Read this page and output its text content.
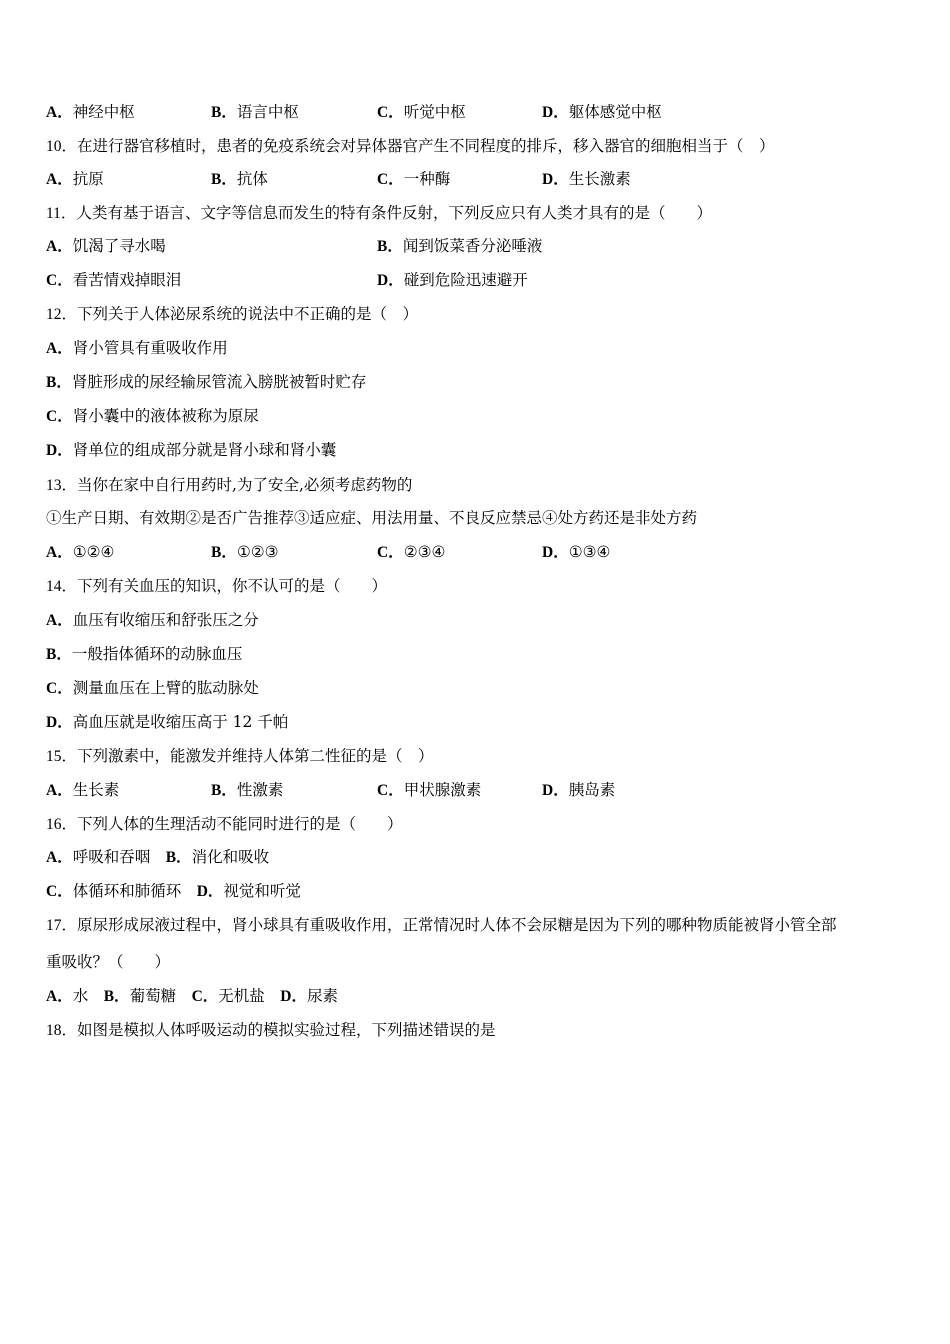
A．神经中枢	B．语言中枢	C．听觉中枢	D．躯体感觉中枢
10．在进行器官移植时，患者的免疫系统会对异体器官产生不同程度的排斥，移入器官的细胞相当于（　）
A．抗原	B．抗体	C．一种酶	D．生长激素
11．人类有基于语言、文字等信息而发生的特有条件反射，下列反应只有人类才具有的是（　　）
A．饥渴了寻水喝	B．闻到饭菜香分泌唾液
C．看苦情戏掉眼泪	D．碰到危险迅速避开
12．下列关于人体泌尿系统的说法中不正确的是（　）
A．肾小管具有重吸收作用
B．肾脏形成的尿经输尿管流入膀胱被暂时贮存
C．肾小囊中的液体被称为原尿
D．肾单位的组成部分就是肾小球和肾小囊
13．当你在家中自行用药时,为了安全,必须考虑药物的
①生产日期、有效期②是否广告推荐③适应症、用法用量、不良反应禁忌④处方药还是非处方药
A．①②④	B．①②③	C．②③④	D．①③④
14．下列有关血压的知识，你不认可的是（　　）
A．血压有收缩压和舒张压之分
B．一般指体循环的动脉血压
C．测量血压在上臂的肱动脉处
D．高血压就是收缩压高于 12 千帕
15．下列激素中，能激发并维持人体第二性征的是（　）
A．生长素	B．性激素	C．甲状腺激素	D．胰岛素
16．下列人体的生理活动不能同时进行的是（　　）
A．呼吸和吞咽　B．消化和吸收
C．体循环和肺循环　D．视觉和听觉
17．原尿形成尿液过程中，肾小球具有重吸收作用，正常情况时人体不会尿糖是因为下列的哪种物质能被肾小管全部
重吸收？（　　）
A．水　B．葡萄糖　C．无机盐　D．尿素
18．如图是模拟人体呼吸运动的模拟实验过程，下列描述错误的是
